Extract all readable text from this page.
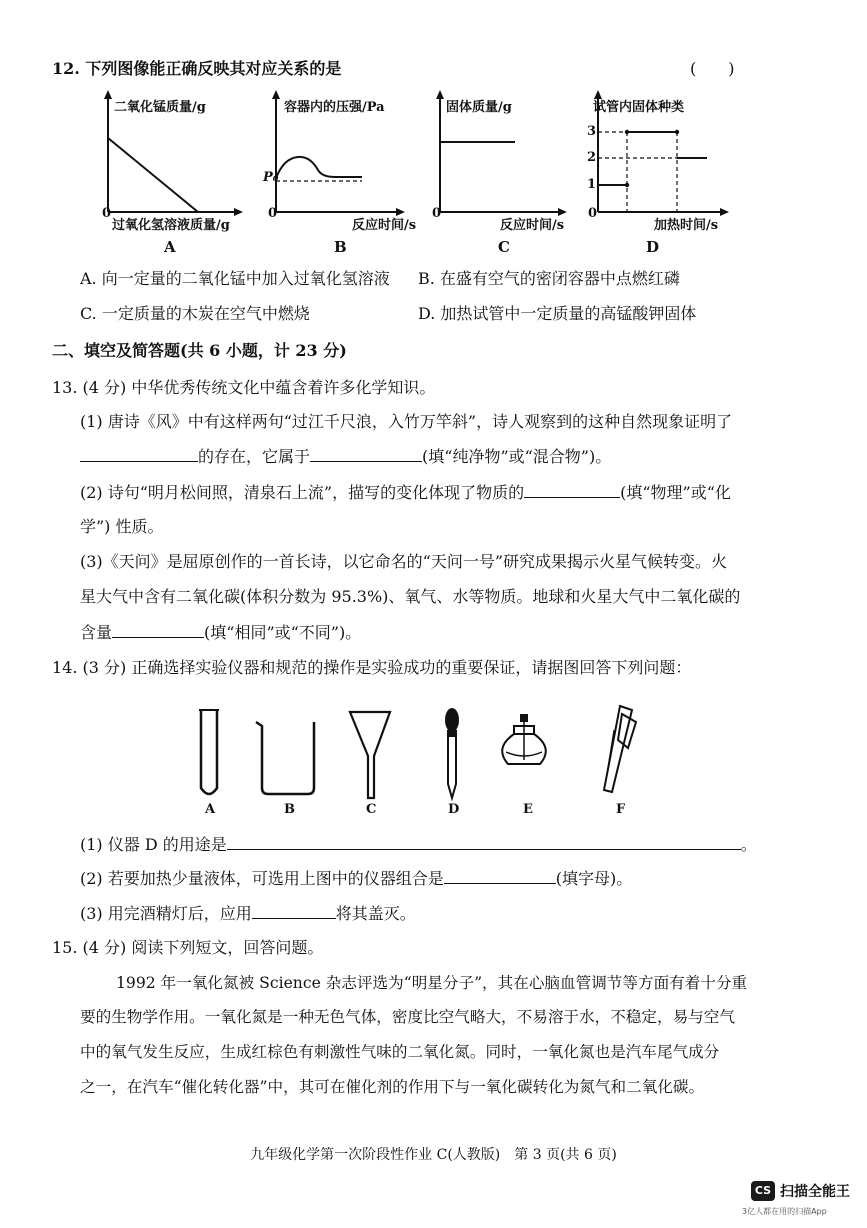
12. 下列图像能正确反映其对应关系的是	(　　)
二氧化锰质量/g
0
过氧化氢溶液质量/g
A
容器内的压强/Pa
P₀
0
反应时间/s
B
固体质量/g
0
反应时间/s
C
试管内固体种类
3
2
1
0
加热时间/s
D
A. 向一定量的二氧化锰中加入过氧化氢溶液 B. 在盛有空气的密闭容器中点燃红磷
C. 一定质量的木炭在空气中燃烧	D. 加热试管中一定质量的高锰酸钾固体
二、填空及简答题(共 6 小题，计 23 分)
13. (4 分) 中华优秀传统文化中蕴含着许多化学知识。
(1) 唐诗《风》中有这样两句“过江千尺浪，入竹万竿斜”，诗人观察到的这种自然现象证明了
的存在，它属于	(填“纯净物”或“混合物”)。
(2) 诗句“明月松间照，清泉石上流”，描写的变化体现了物质的	(填“物理”或“化
学”) 性质。
(3)《天问》是屈原创作的一首长诗，以它命名的“天问一号”研究成果揭示火星气候转变。火
星大气中含有二氧化碳(体积分数为 95.3%)、氧气、水等物质。地球和火星大气中二氧化碳的
含量	(填“相同”或“不同”)。
14. (3 分) 正确选择实验仪器和规范的操作是实验成功的重要保证，请据图回答下列问题：
A	B	C	D	E	F
(1) 仪器 D 的用途是	。
(2) 若要加热少量液体，可选用上图中的仪器组合是	(填字母)。
(3) 用完酒精灯后，应用	将其盖灭。
15. (4 分) 阅读下列短文，回答问题。
1992 年一氧化氮被 Science 杂志评选为“明星分子”，其在心脑血管调节等方面有着十分重
要的生物学作用。一氧化氮是一种无色气体，密度比空气略大，不易溶于水，不稳定，易与空气
中的氧气发生反应，生成红棕色有刺激性气味的二氧化氮。同时，一氧化氮也是汽车尾气成分
之一，在汽车“催化转化器”中，其可在催化剂的作用下与一氧化碳转化为氮气和二氧化碳。
九年级化学第一次阶段性作业 C(人教版)　第 3 页(共 6 页)
CS 扫描全能王
3亿人都在用的扫描App
